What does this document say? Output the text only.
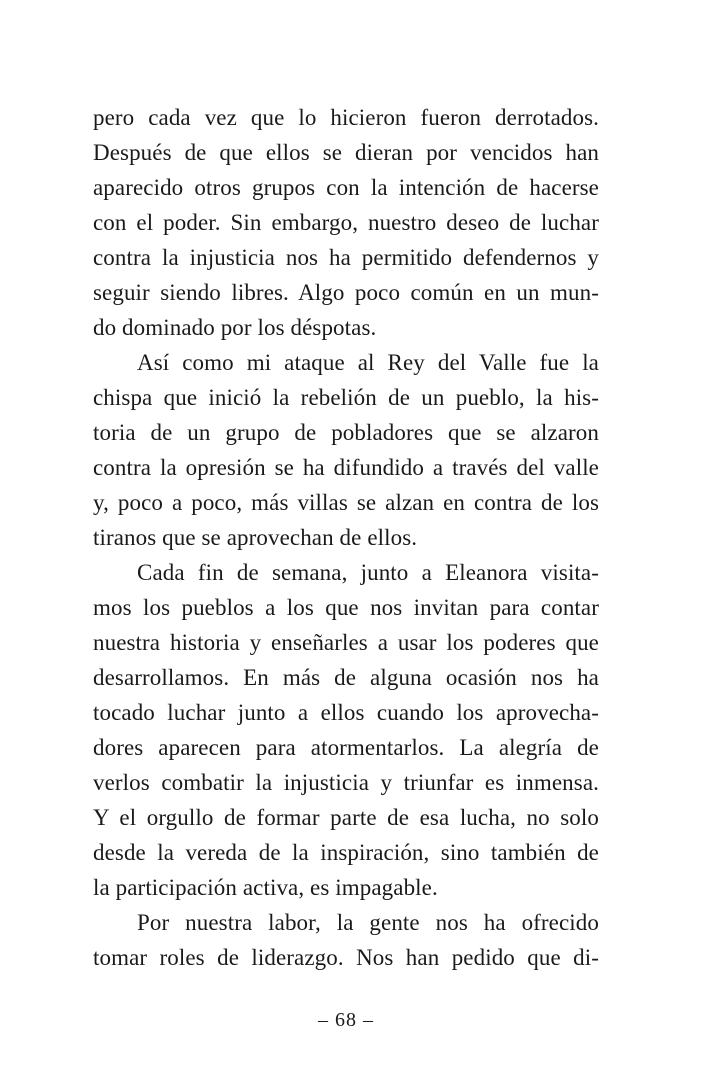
pero cada vez que lo hicieron fueron derrotados.
Después de que ellos se dieran por vencidos han
aparecido otros grupos con la intención de hacerse
con el poder. Sin embargo, nuestro deseo de luchar
contra la injusticia nos ha permitido defendernos y
seguir siendo libres. Algo poco común en un mun-
do dominado por los déspotas.
Así como mi ataque al Rey del Valle fue la
chispa que inició la rebelión de un pueblo, la his-
toria de un grupo de pobladores que se alzaron
contra la opresión se ha difundido a través del valle
y, poco a poco, más villas se alzan en contra de los
tiranos que se aprovechan de ellos.
Cada fin de semana, junto a Eleanora visita-
mos los pueblos a los que nos invitan para contar
nuestra historia y enseñarles a usar los poderes que
desarrollamos. En más de alguna ocasión nos ha
tocado luchar junto a ellos cuando los aprovecha-
dores aparecen para atormentarlos. La alegría de
verlos combatir la injusticia y triunfar es inmensa.
Y el orgullo de formar parte de esa lucha, no solo
desde la vereda de la inspiración, sino también de
la participación activa, es impagable.
Por nuestra labor, la gente nos ha ofrecido
tomar roles de liderazgo. Nos han pedido que di-
– 68 –
